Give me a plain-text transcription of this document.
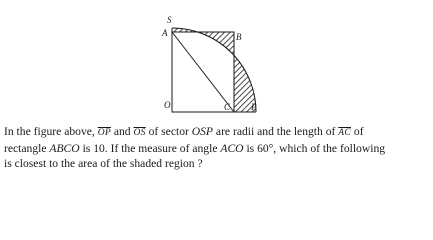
S
A	B
O	C P

In the figure above, $\overline{OP}$ and $\overline{OS}$ of sector OSP are radii and the length of $\overline{AC}$ of
rectangle ABCO is 10. If the measure of angle ACO is 60°, which of the following
is closest to the area of the shaded region ?
